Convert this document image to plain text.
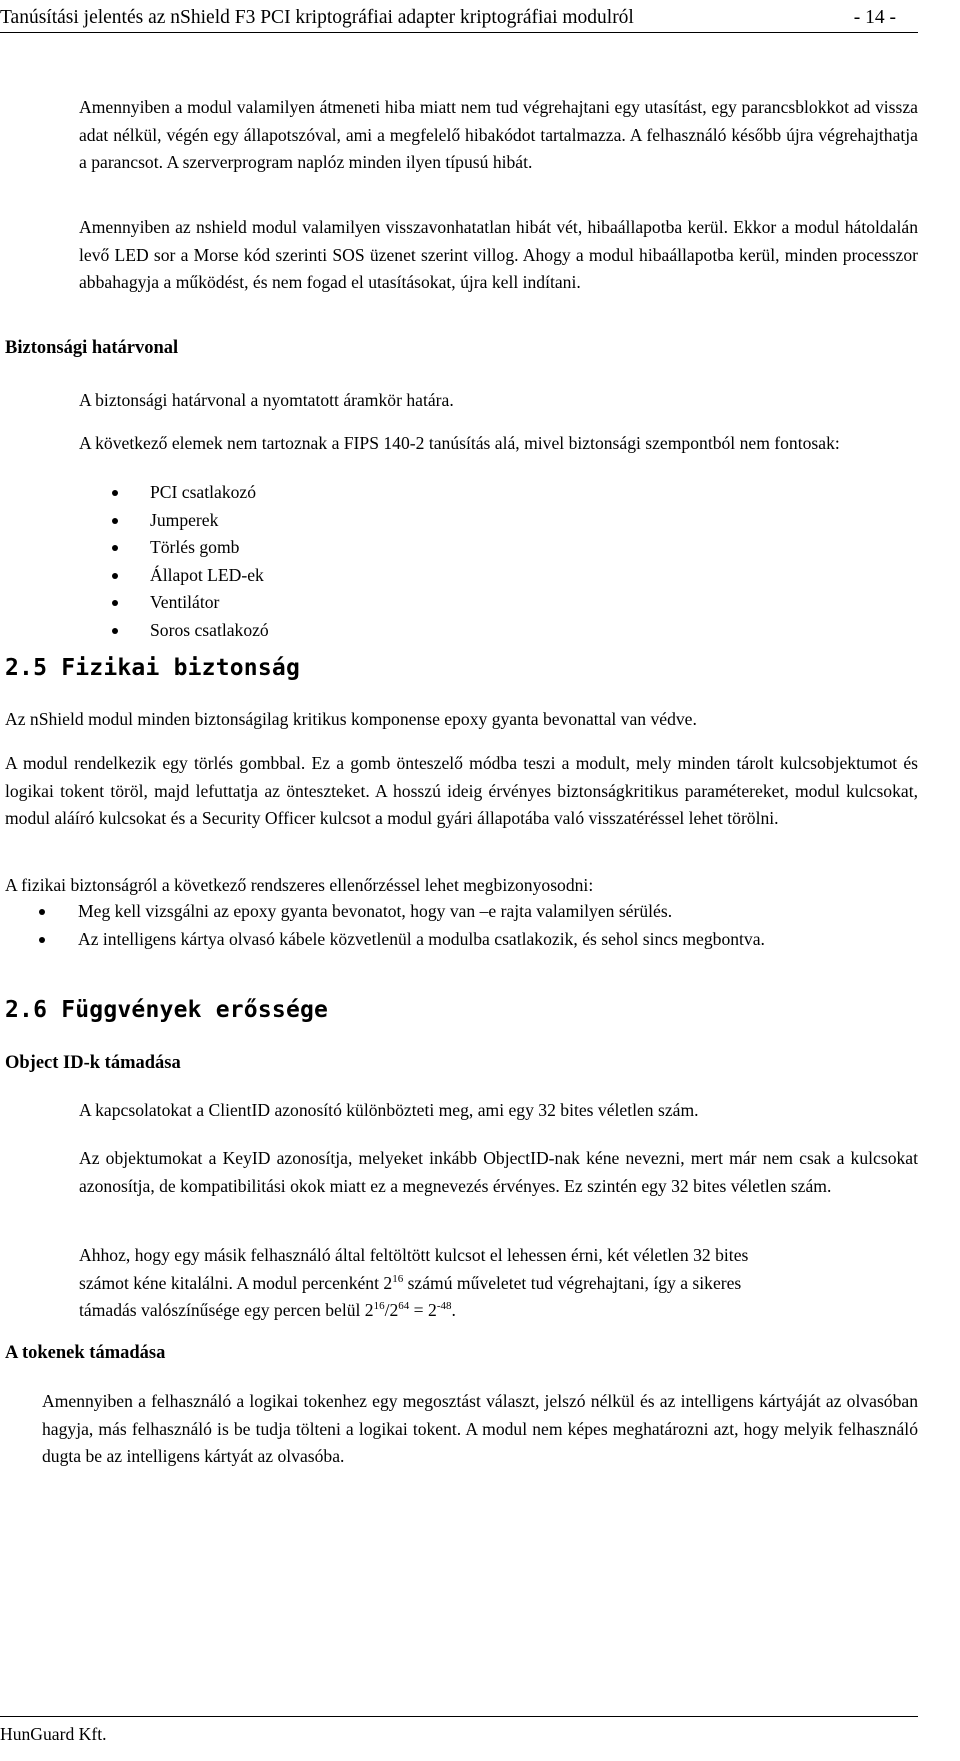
Tanúsítási jelentés az nShield F3 PCI kriptográfiai adapter kriptográfiai modulról	- 14 -

Amennyiben a modul valamilyen átmeneti hiba miatt nem tud végrehajtani egy utasítást, egy parancsblokkot ad vissza adat nélkül, végén egy állapotszóval, ami a megfelelő hibakódot tartalmazza. A felhasználó később újra végrehajthatja a parancsot. A szerverprogram naplóz minden ilyen típusú hibát.

Amennyiben az nshield modul valamilyen visszavonhatatlan hibát vét, hibaállapotba kerül. Ekkor a modul hátoldalán levő LED sor a Morse kód szerinti SOS üzenet szerint villog. Ahogy a modul hibaállapotba kerül, minden processzor abbahagyja a működést, és nem fogad el utasításokat, újra kell indítani.

Biztonsági határvonal

A biztonsági határvonal a nyomtatott áramkör határa.

A következő elemek nem tartoznak a FIPS 140-2 tanúsítás alá, mivel biztonsági szempontból nem fontosak:

PCI csatlakozó
Jumperek
Törlés gomb
Állapot LED-ek
Ventilátor
Soros csatlakozó
2.5 Fizikai biztonság

Az nShield modul minden biztonságilag kritikus komponense epoxy gyanta bevonattal van védve.

A modul rendelkezik egy törlés gombbal. Ez a gomb önteszelő módba teszi a modult, mely minden tárolt kulcsobjektumot és logikai tokent töröl, majd lefuttatja az önteszteket. A hosszú ideig érvényes biztonságkritikus paramétereket, modul kulcsokat, modul aláíró kulcsokat és a Security Officer kulcsot a modul gyári állapotába való visszatéréssel lehet törölni.

A fizikai biztonságról a következő rendszeres ellenőrzéssel lehet megbizonyosodni:

Meg kell vizsgálni az epoxy gyanta bevonatot, hogy van –e rajta valamilyen sérülés.
Az intelligens kártya olvasó kábele közvetlenül a modulba csatlakozik, és sehol sincs megbontva.
2.6 Függvények erőssége
Object ID-k támadása

A kapcsolatokat a ClientID azonosító különbözteti meg, ami egy 32 bites véletlen szám.

Az objektumokat a KeyID azonosítja, melyeket inkább ObjectID-nak kéne nevezni, mert már nem csak a kulcsokat azonosítja, de kompatibilitási okok miatt ez a megnevezés érvényes. Ez szintén egy 32 bites véletlen szám.

Ahhoz, hogy egy másik felhasználó által feltöltött kulcsot el lehessen érni, két véletlen 32 bites
számot kéne kitalálni. A modul percenként $2^{16}$ számú műveletet tud végrehajtani, így a sikeres
támadás valószínűsége egy percen belül $2^{16}/2^{64} = 2^{-48}$.
A tokenek támadása

Amennyiben a felhasználó a logikai tokenhez egy megosztást választ, jelszó nélkül és az intelligens kártyáját az olvasóban hagyja, más felhasználó is be tudja tölteni a logikai tokent. A modul nem képes meghatározni azt, hogy melyik felhasználó dugta be az intelligens kártyát az olvasóba.

HunGuard Kft.
